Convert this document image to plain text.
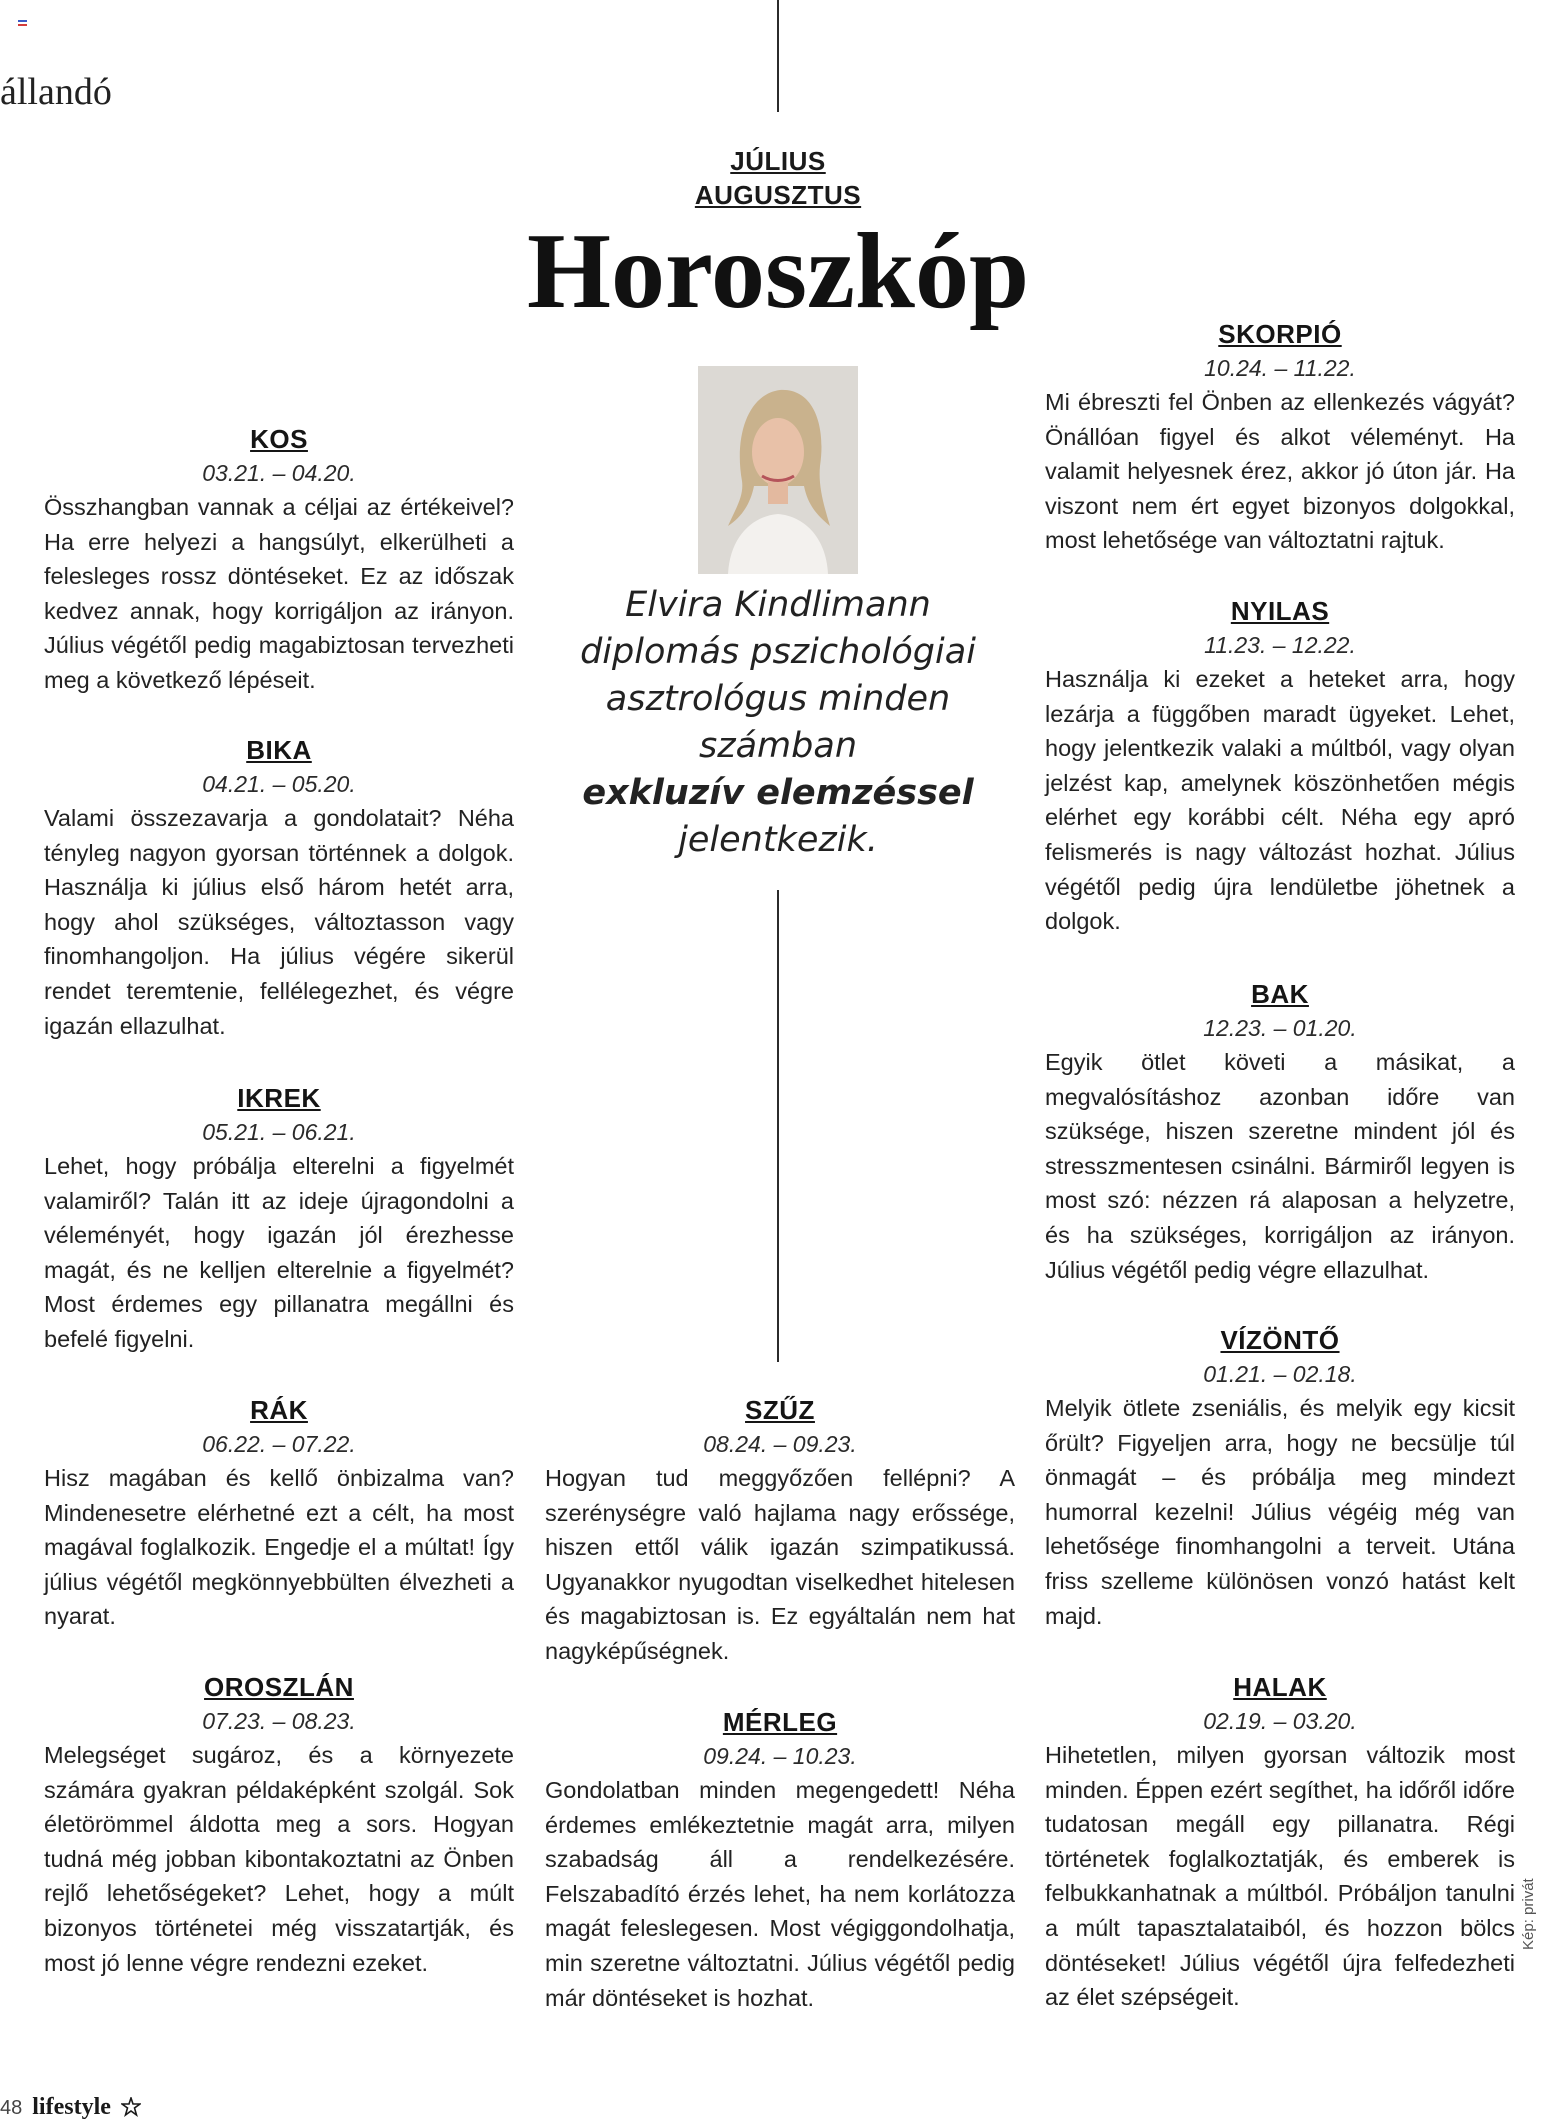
állandó
JÚLIUS
AUGUSZTUS
Horoszkóp
Elvira Kindlimann
diplomás pszichológiai
asztrológus minden
számban
exkluzív elemzéssel
jelentkezik.
KOS
03.21. – 04.20.

Összhangban vannak a céljai az értékeivel? Ha erre helyezi a hangsúlyt, elkerülheti a felesleges rossz döntéseket. Ez az időszak kedvez annak, hogy korrigáljon az irányon. Július végétől pedig magabiztosan tervezheti meg a következő lépéseit.

BIKA
04.21. – 05.20.

Valami összezavarja a gondolatait? Néha tényleg nagyon gyorsan történnek a dolgok. Használja ki július első három hetét arra, hogy ahol szükséges, változtasson vagy finomhangoljon. Ha július végére sikerül rendet teremtenie, fellélegezhet, és végre igazán ellazulhat.

IKREK
05.21. – 06.21.

Lehet, hogy próbálja elterelni a figyelmét valamiről? Talán itt az ideje újragondolni a véleményét, hogy igazán jól érezhesse magát, és ne kelljen elterelnie a figyelmét? Most érdemes egy pillanatra megállni és befelé figyelni.

RÁK
06.22. – 07.22.

Hisz magában és kellő önbizalma van? Mindenesetre elérhetné ezt a célt, ha most magával foglalkozik. Engedje el a múltat! Így július végétől megkönnyebbülten élvezheti a nyarat.

OROSZLÁN
07.23. – 08.23.

Melegséget sugároz, és a környezete számára gyakran példaképként szolgál. Sok életörömmel áldotta meg a sors. Hogyan tudná még jobban kibontakoztatni az Önben rejlő lehetőségeket? Lehet, hogy a múlt bizonyos történetei még visszatartják, és most jó lenne végre rendezni ezeket.

SZŰZ
08.24. – 09.23.

Hogyan tud meggyőzően fellépni? A szerénységre való hajlama nagy erőssége, hiszen ettől válik igazán szimpatikussá. Ugyanakkor nyugodtan viselkedhet hitelesen és magabiztosan is. Ez egyáltalán nem hat nagyképűségnek.

MÉRLEG
09.24. – 10.23.

Gondolatban minden megengedett! Néha érdemes emlékeztetnie magát arra, milyen szabadság áll a rendelkezésére. Felszabadító érzés lehet, ha nem korlátozza magát feleslegesen. Most végiggondolhatja, min szeretne változtatni. Július végétől pedig már döntéseket is hozhat.

SKORPIÓ
10.24. – 11.22.

Mi ébreszti fel Önben az ellenkezés vágyát? Önállóan figyel és alkot véleményt. Ha valamit helyesnek érez, akkor jó úton jár. Ha viszont nem ért egyet bizonyos dolgokkal, most lehetősége van változtatni rajtuk.

NYILAS
11.23. – 12.22.

Használja ki ezeket a heteket arra, hogy lezárja a függőben maradt ügyeket. Lehet, hogy jelentkezik valaki a múltból, vagy olyan jelzést kap, amelynek köszönhetően mégis elérhet egy korábbi célt. Néha egy apró felismerés is nagy változást hozhat. Július végétől pedig újra lendületbe jöhetnek a dolgok.

BAK
12.23. – 01.20.

Egyik ötlet követi a másikat, a megvalósításhoz azonban időre van szüksége, hiszen szeretne mindent jól és stresszmentesen csinálni. Bármiről legyen is most szó: nézzen rá alaposan a helyzetre, és ha szükséges, korrigáljon az irányon. Július végétől pedig végre ellazulhat.

VÍZÖNTŐ
01.21. – 02.18.

Melyik ötlete zseniális, és melyik egy kicsit őrült? Figyeljen arra, hogy ne becsülje túl önmagát – és próbálja meg mindezt humorral kezelni! Július végéig még van lehetősége finomhangolni a terveit. Utána friss szelleme különösen vonzó hatást kelt majd.

HALAK
02.19. – 03.20.

Hihetetlen, milyen gyorsan változik most minden. Éppen ezért segíthet, ha időről időre tudatosan megáll egy pillanatra. Régi történetek foglalkoztatják, és emberek is felbukkanhatnak a múltból. Próbáljon tanulni a múlt tapasztalataiból, és hozzon bölcs döntéseket! Július végétől újra felfedezheti az élet szépségeit.

Kép: privát
48 lifestyle
